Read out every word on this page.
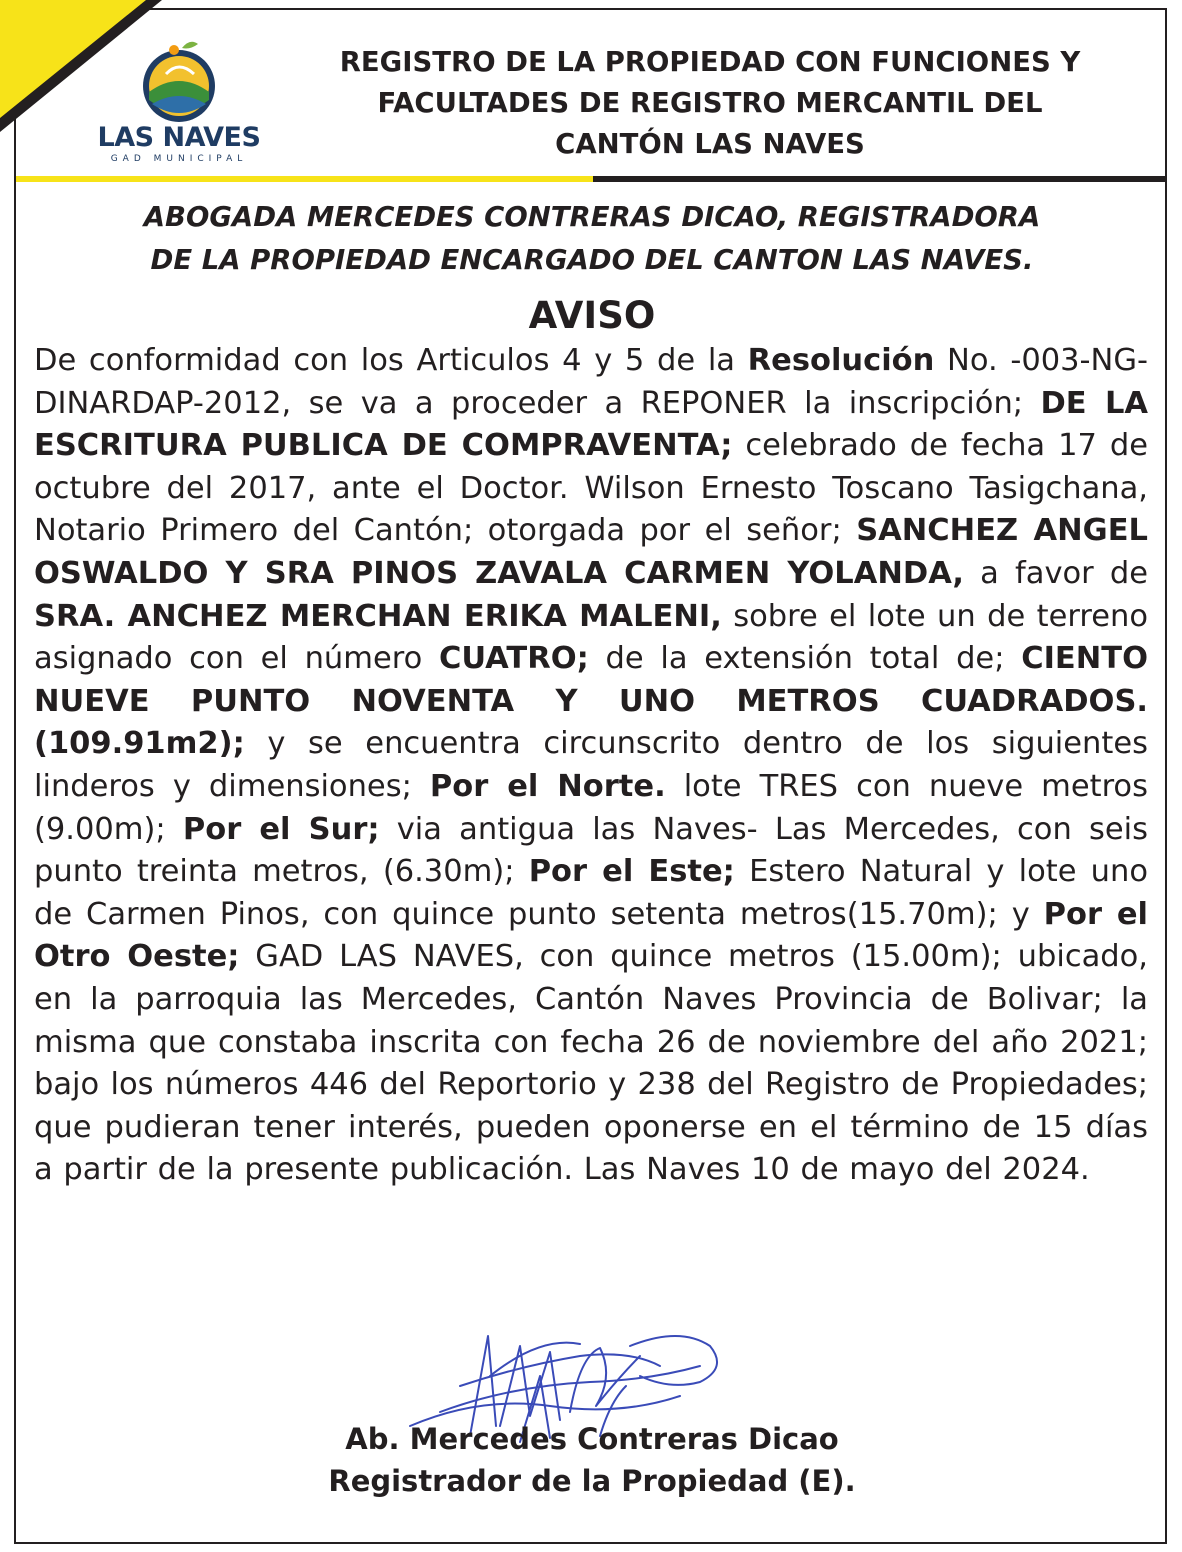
LAS NAVES
GAD MUNICIPAL
REGISTRO DE LA PROPIEDAD CON FUNCIONES Y
FACULTADES DE REGISTRO MERCANTIL DEL
CANTÓN LAS NAVES
ABOGADA MERCEDES CONTRERAS DICAO, REGISTRADORA
DE LA PROPIEDAD ENCARGADO DEL CANTON LAS NAVES.
AVISO
De conformidad con los Articulos 4 y 5 de la Resolución No. -003-NG- DINARDAP-2012, se va a proceder a REPONER la inscripción; DE LA ESCRITURA PUBLICA DE COMPRAVENTA; celebrado de fecha 17 de octubre del 2017, ante el Doctor. Wilson Ernesto Toscano Tasigchana, Notario Primero del Cantón; otorgada por el señor; SANCHEZ ANGEL OSWALDO Y SRA PINOS ZAVALA CARMEN YOLANDA, a favor de SRA. ANCHEZ MERCHAN ERIKA MALENI, sobre el lote un de terreno asignado con el número CUATRO; de la extensión total de; CIENTO NUEVE PUNTO NOVENTA Y UNO METROS CUADRADOS. (109.91m2); y se encuentra circunscrito dentro de los siguientes linderos y dimensiones; Por el Norte. lote TRES con nueve metros (9.00m); Por el Sur; via antigua las Naves- Las Mercedes, con seis punto treinta metros, (6.30m); Por el Este; Estero Natural y lote uno de Carmen Pinos, con quince punto setenta metros(15.70m); y Por el Otro Oeste; GAD LAS NAVES, con quince metros (15.00m); ubicado, en la parroquia las Mercedes, Cantón Naves Provincia de Bolivar; la misma que constaba inscrita con fecha 26 de noviembre del año 2021; bajo los números 446 del Reportorio y 238 del Registro de Propiedades; que pudieran tener interés, pueden oponerse en el término de 15 días a partir de la presente publicación. Las Naves 10 de mayo del 2024.
Ab. Mercedes Contreras Dicao
Registrador de la Propiedad (E).
